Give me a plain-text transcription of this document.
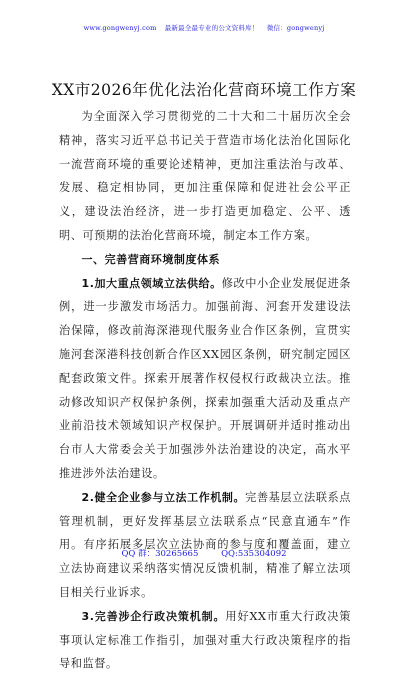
www.gongwenyj.com 最新最全最专业的公文资料库！ 微信：gongwenyj
XX市2026年优化法治化营商环境工作方案

为全面深入学习贯彻党的二十大和二十届历次全会精神，落实习近平总书记关于营造市场化法治化国际化一流营商环境的重要论述精神，更加注重法治与改革、发展、稳定相协同，更加注重保障和促进社会公平正义，建设法治经济，进一步打造更加稳定、公平、透明、可预期的法治化营商环境，制定本工作方案。

一、完善营商环境制度体系

1.加大重点领域立法供给。修改中小企业发展促进条例，进一步激发市场活力。加强前海、河套开发建设法治保障，修改前海深港现代服务业合作区条例，宣贯实施河套深港科技创新合作区XX园区条例，研究制定园区配套政策文件。探索开展著作权侵权行政裁决立法。推动修改知识产权保护条例，探索加强重大活动及重点产业前沿技术领域知识产权保护。开展调研并适时推动出台市人大常委会关于加强涉外法治建设的决定，高水平推进涉外法治建设。

2.健全企业参与立法工作机制。完善基层立法联系点管理机制，更好发挥基层立法联系点“民意直通车”作用。有序拓展多层次立法协商的参与度和覆盖面，建立立法协商建议采纳落实情况反馈机制，精准了解立法项目相关行业诉求。

3.完善涉企行政决策机制。用好XX市重大行政决策事项认定标准工作指引，加强对重大行政决策程序的指导和监督。

QQ 群：30265665	QQ:535304092
